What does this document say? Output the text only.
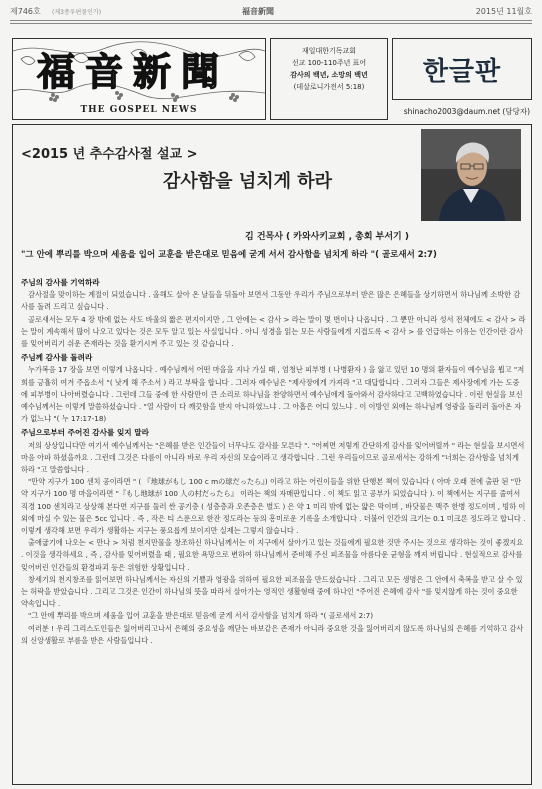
제746호 (제3종우편물인가)	福音新聞	2015년 11월호
福音新聞
THE GOSPEL NEWS
재일대한기독교회
선교 100-110주년 표어
감사의 백년, 소망의 백년
(데살로니가전서 5:18)
한글판
shinacho2003@daum.net (담당자)
<2015 년 추수감사절 설교 >
감사함을 넘치게 하라
김 건목사 ( 카와사키교회 , 총회 부서기 )
"그 안에 뿌리를 박으며 세움을 입어 교훈을 받은대로 믿음에 굳게 서서 감사함을 넘치게 하라 "( 골로새서 2:7)
주님의 감사를 기억하라

감사절을 맞이하는 계절이 되었습니다 . 올해도 살아 온 날들을 뒤돌아 보면서 그동안 우리가 주님으로부터 받은 많은 은혜들을 상기하면서 하나님께 소박한 감사를 돌려 드리고 싶습니다 .

골로새서는 모두 4 장 밖에 없는 사도 바울의 짧은 편지이지만 , 그 안에는 < 감사 > 라는 말이 몇 번이나 나옵니다 . 그 뿐만 아니라 성서 전체에도 < 감사 > 라는 말이 계속해서 많이 나오고 있다는 것은 모두 알고 있는 사실입니다 . 아니 성경을 읽는 모든 사람들에게 지겹도록 < 감사 > 를 언급하는 이유는 인간이란 감사를 잊어버리기 쉬운 존재라는 것을 환기시켜 주고 있는 것 같습니다 .

주님께 감사를 돌려라

누가복음 17 장을 보면 이렇게 나옵니다 . 예수님께서 어떤 마을을 지나 가실 때 , 엄청난 피부병 ( 나병환자 ) 을 앓고 있던 10 명의 환자들이 예수님을 뵙고 "저희를 긍휼히 여겨 주옵소서 "( 낫게 해 주소서 ) 라고 부탁을 합니다 . 그러자 예수님은 "제사장에게 가져라 "고 대답합니다 . 그러자 그들은 제사장에게 가는 도중에 피부병이 나아버렸습니다 . 그런데 그들 중에 한 사람만이 큰 소리로 하나님을 찬양하면서 예수님에게 돌아와서 감사하다고 고백하였습니다 . 이런 현실을 보신 예수님께서는 이렇게 말씀하셨습니다 . "열 사람이 다 깨끗함을 받지 아니하였느냐 . 그 아홉은 어디 있느냐 . 이 이방인 외에는 하나님께 영광을 돌리러 돌아온 자가 없느냐 "( 누 17:17-18)

주님으로부터 주어진 감사를 잊지 말라

저의 상상입니다만 여기서 예수님께서는 "은혜를 받은 인간들이 너무나도 감사를 모른다 ". "어찌면 저렇게 간단하게 감사를 잊어버릴까 " 라는 현실을 보시면서 마음 아파 하셨을까요 . 그런데 그것은 다름이 아니라 바로 우리 자신의 모습이라고 생각합니다 . 그런 우리들이므로 골로새서는 강하게 "너희는 감사함을 넘치게 하라 "고 말씀합니다 .

"만약 지구가 100 센치 공이라면 " ( 『地球がもし 100 c mの球だったら』) 이라고 하는 어린이들을 위한 단행본 책이 있습니다 ( 아마 오래 전에 출판 된 "만약 지구가 100 명 마을이라면 "『もし地球が 100 人の村だったら』 이라는 책의 자매판입니다 . 이 책도 읽고 공부가 되었습니다 ). 이 책에서는 지구를 줄여서 직경 100 센치라고 상상해 본다면 지구를 둘러 싼 공기층 ( 성층층과 오존층은 별도 ) 은 약 1 미리 밖에 없는 얇은 막이며 , 바닷물은 맥주 한병 정도이며 , 빙하 이외에 마실 수 있는 물은 5cc 입니다 . 즉 , 작은 티 스푼으로 한잔 정도라는 등의 흥미로운 기록을 소개합니다 . 더불어 인간의 크기는 0.1 미크론 정도라고 합니다 . 이렇게 생각해 보면 우리가 생활하는 지구는 풍요롭게 보이지만 실제는 그렇지 않습니다 .

출애굽기에 나오는 < 만나 > 처럼 천지만물을 창조하신 하나님께서는 이 지구에서 살아가고 있는 것들에게 필요한 것만 주시는 것으로 생각하는 것이 좋겠지요 . 이것을 생각하세요 , 즉 , 감사를 잊어버렸을 때 , 필요한 욕망으로 변하여 하나님께서 준비해 주신 피조물을 아름다운 균형을 깨져 버립니다 . 현실적으로 감사를 잊어버린 인간들의 환경파괴 등은 위험한 상황입니다 .

창세기의 천지창조를 읽어보면 하나님께서는 자신의 기쁨과 영광을 위하여 필요한 피조물을 만드셨습니다 . 그리고 모든 생명은 그 안에서 축복을 받고 살 수 있는 허락을 받았습니다 . 그리고 그것은 인간이 하나님의 뜻을 따라서 살아가는 영적인 생활형태 중에 하나인 "주어진 은혜에 감사 "를 잊지않게 하는 것이 중요한 약속입니다 .

"그 안에 뿌리를 박으며 세움을 입어 교훈을 받은대로 믿음에 굳게 서서 감사함을 넘치게 하라 "( 골로새서 2:7)

여러분 ! 우리 그리스도인들은 잃어버리고나서 은혜의 중요성을 깨닫는 바보같은 존재가 아니라 중요한 것을 잃어버리지 않도록 하나님의 은혜를 기억하고 감사의 신앙생활로 부름을 받은 사람들입니다 .
